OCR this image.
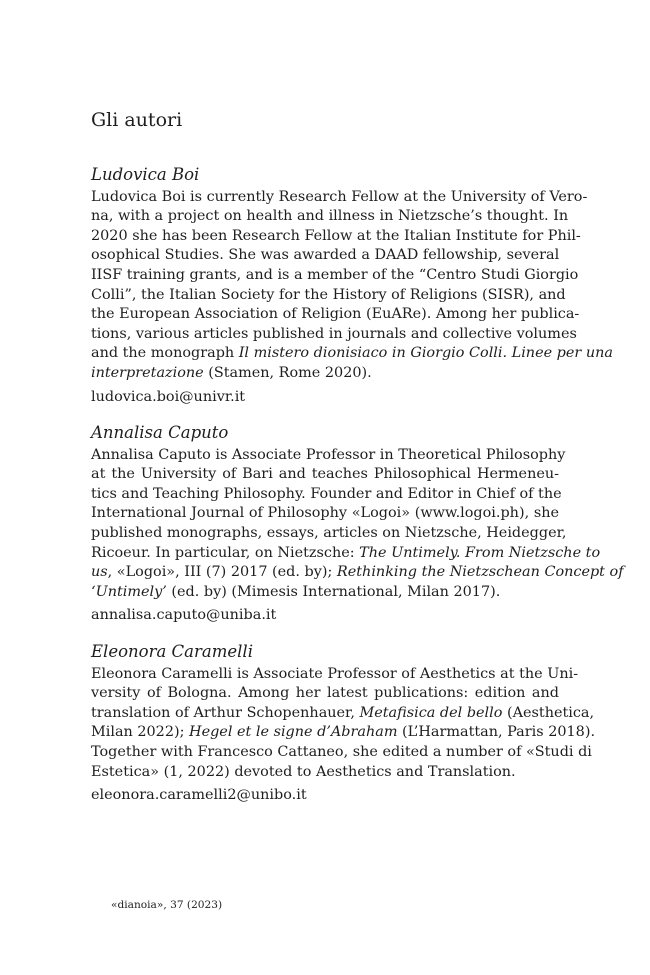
Gli autori
Ludovica Boi
Ludovica Boi is currently Research Fellow at the University of Vero-
na, with a project on health and illness in Nietzsche’s thought. In
2020 she has been Research Fellow at the Italian Institute for Phil-
osophical Studies. She was awarded a DAAD fellowship, several
IISF training grants, and is a member of the “Centro Studi Giorgio
Colli”, the Italian Society for the History of Religions (SISR), and
the European Association of Religion (EuARe). Among her publica-
tions, various articles published in journals and collective volumes
and the monograph Il mistero dionisiaco in Giorgio Colli. Linee per una
interpretazione (Stamen, Rome 2020).
ludovica.boi@univr.it
Annalisa Caputo
Annalisa Caputo is Associate Professor in Theoretical Philosophy
at the University of Bari and teaches Philosophical Hermeneu-
tics and Teaching Philosophy. Founder and Editor in Chief of the
International Journal of Philosophy «Logoi» (www.logoi.ph), she
published monographs, essays, articles on Nietzsche, Heidegger,
Ricoeur. In particular, on Nietzsche: The Untimely. From Nietzsche to
us, «Logoi», III (7) 2017 (ed. by); Rethinking the Nietzschean Concept of
‘Untimely’ (ed. by) (Mimesis International, Milan 2017).
annalisa.caputo@uniba.it
Eleonora Caramelli
Eleonora Caramelli is Associate Professor of Aesthetics at the Uni-
versity of Bologna. Among her latest publications: edition and
translation of Arthur Schopenhauer, Metafisica del bello (Aesthetica,
Milan 2022); Hegel et le signe d’Abraham (L’Harmattan, Paris 2018).
Together with Francesco Cattaneo, she edited a number of «Studi di
Estetica» (1, 2022) devoted to Aesthetics and Translation.
eleonora.caramelli2@unibo.it
«dianoia», 37 (2023)
